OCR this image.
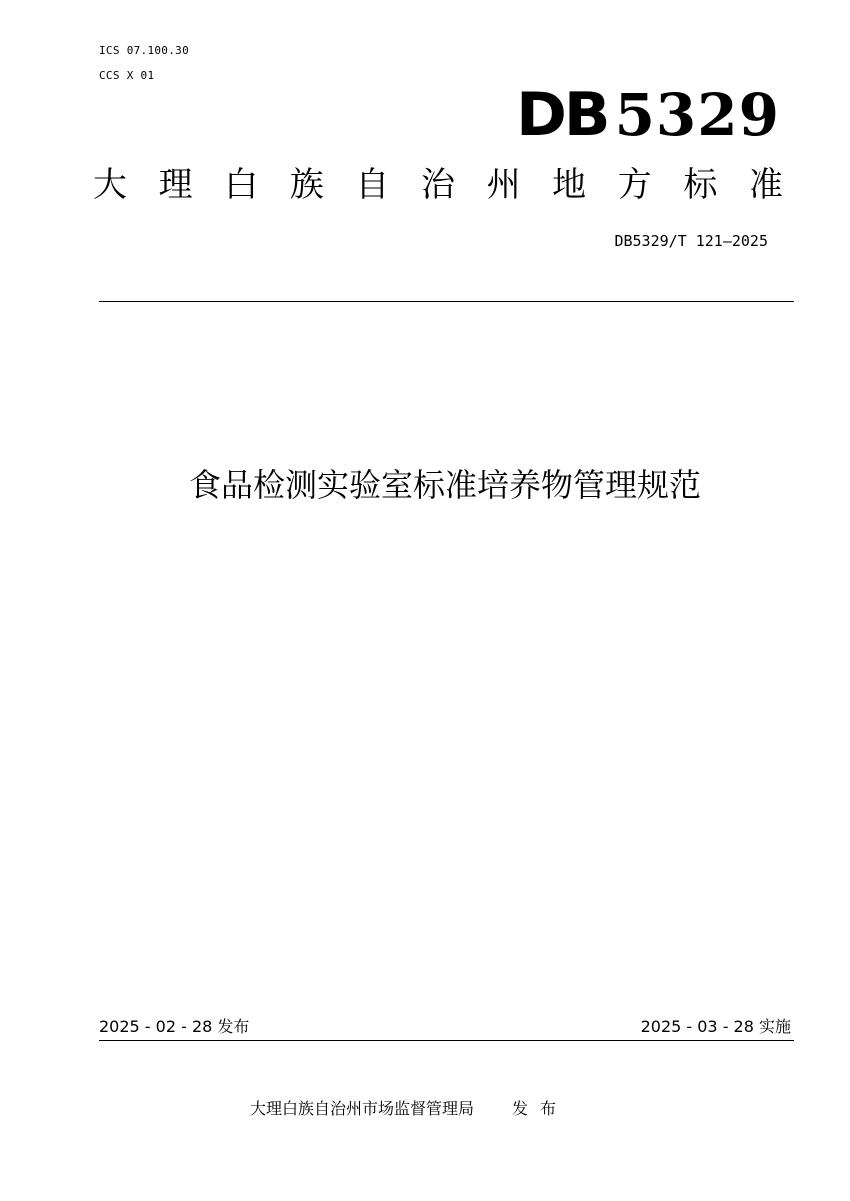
ICS 07.100.30
CCS X 01
DB 5329
大 理 白 族 自 治 州 地 方 标 准
DB5329/T 121—2025
食品检测实验室标准培养物管理规范
2025 - 02 - 28 发布	2025 - 03 - 28 实施
大理白族自治州市场监督管理局 发布
